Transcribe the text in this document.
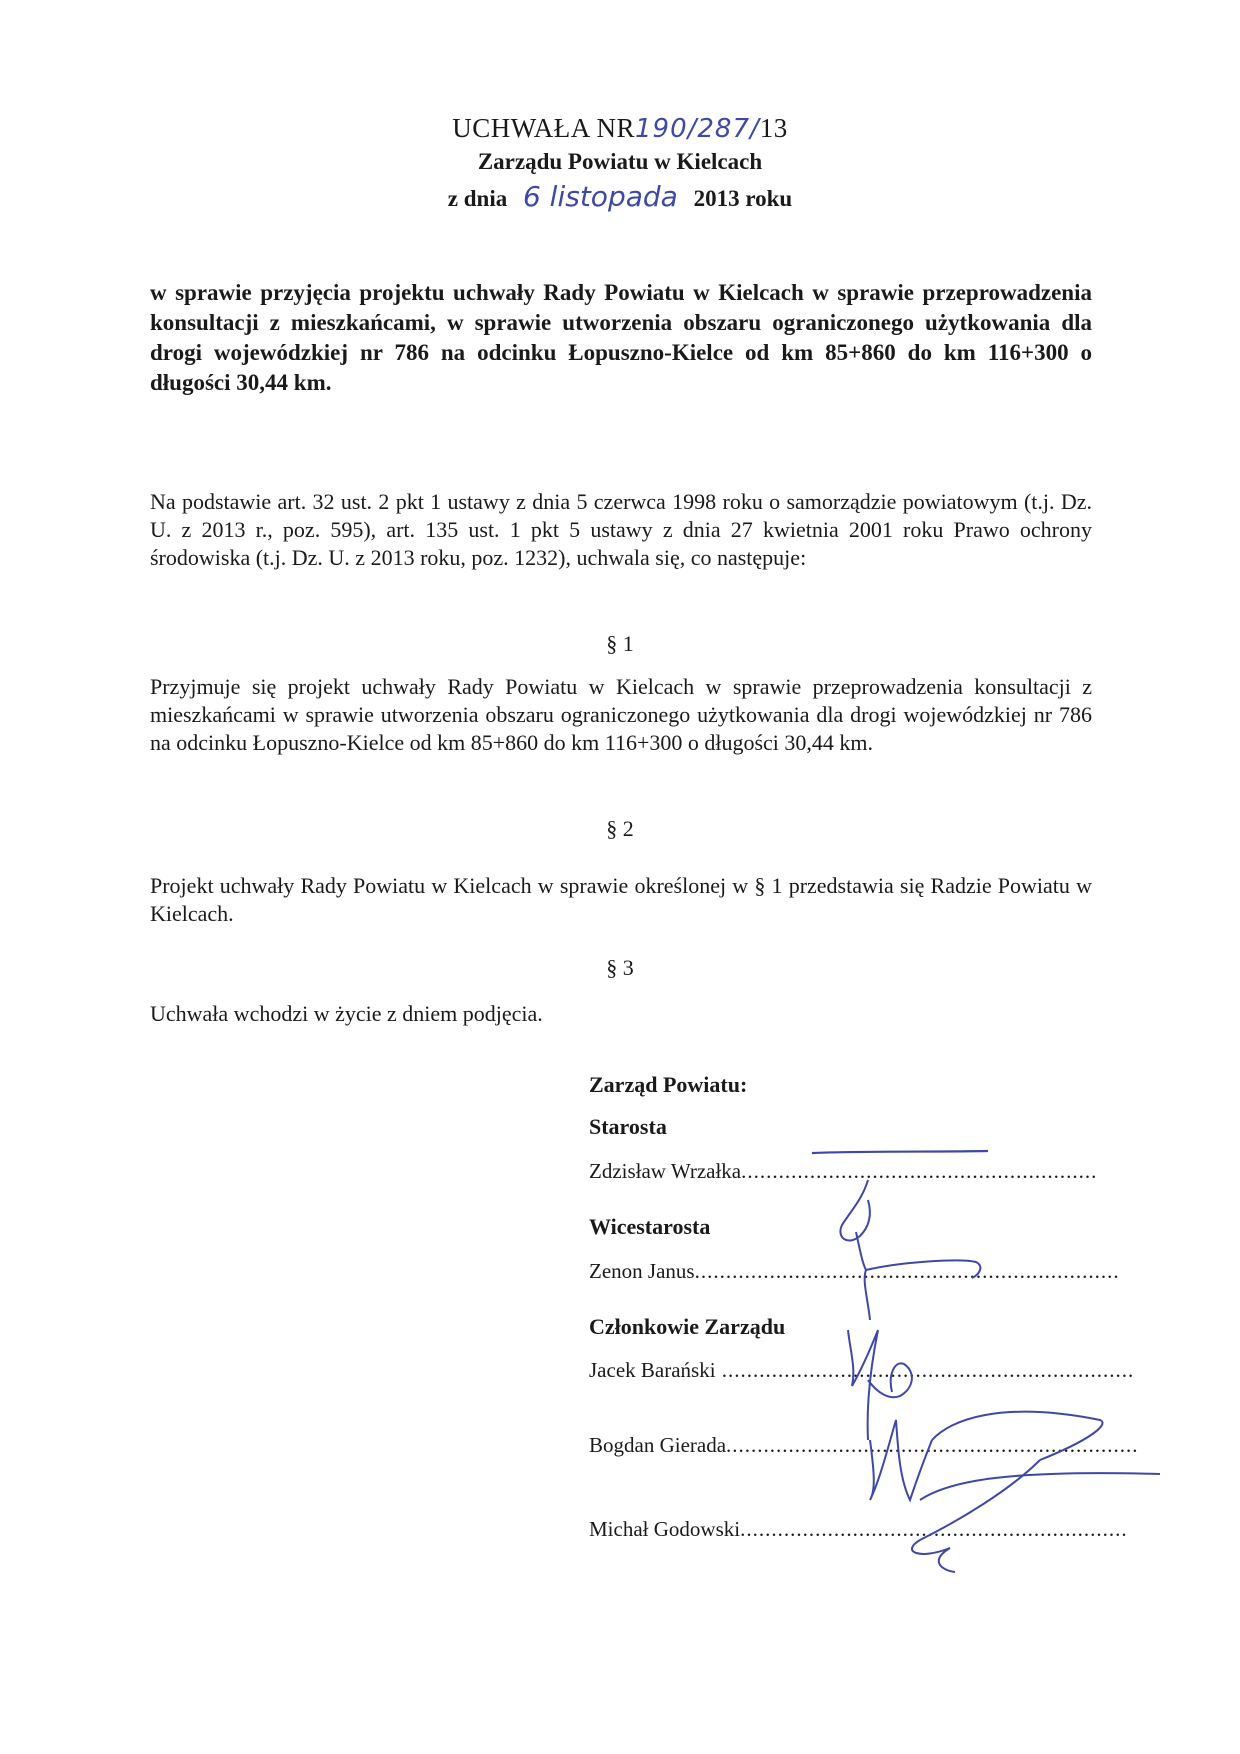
UCHWAŁA NR190/287/13
Zarządu Powiatu w Kielcach
z dnia 6 listopada 2013 roku
w sprawie przyjęcia projektu uchwały Rady Powiatu w Kielcach w sprawie przeprowadzenia konsultacji z mieszkańcami, w sprawie utworzenia obszaru ograniczonego użytkowania dla drogi wojewódzkiej nr 786 na odcinku Łopuszno-Kielce od km 85+860 do km 116+300 o długości 30,44 km.
Na podstawie art. 32 ust. 2 pkt 1 ustawy z dnia 5 czerwca 1998 roku o samorządzie powiatowym (t.j. Dz. U. z 2013 r., poz. 595), art. 135 ust. 1 pkt 5 ustawy z dnia 27 kwietnia 2001 roku Prawo ochrony środowiska (t.j. Dz. U. z 2013 roku, poz. 1232), uchwala się, co następuje:
§ 1
Przyjmuje się projekt uchwały Rady Powiatu w Kielcach w sprawie przeprowadzenia konsultacji z mieszkańcami w sprawie utworzenia obszaru ograniczonego użytkowania dla drogi wojewódzkiej nr 786 na odcinku Łopuszno-Kielce od km 85+860 do km 116+300 o długości 30,44 km.
§ 2
Projekt uchwały Rady Powiatu w Kielcach w sprawie określonej w § 1 przedstawia się Radzie Powiatu w Kielcach.
§ 3
Uchwała wchodzi w życie z dniem podjęcia.
Zarząd Powiatu:
Starosta
Zdzisław Wrzałka.........................................................
Wicestarosta
Zenon Janus....................................................................
Członkowie Zarządu
Jacek Barański ..................................................................
Bogdan Gierada..................................................................
Michał Godowski..............................................................
